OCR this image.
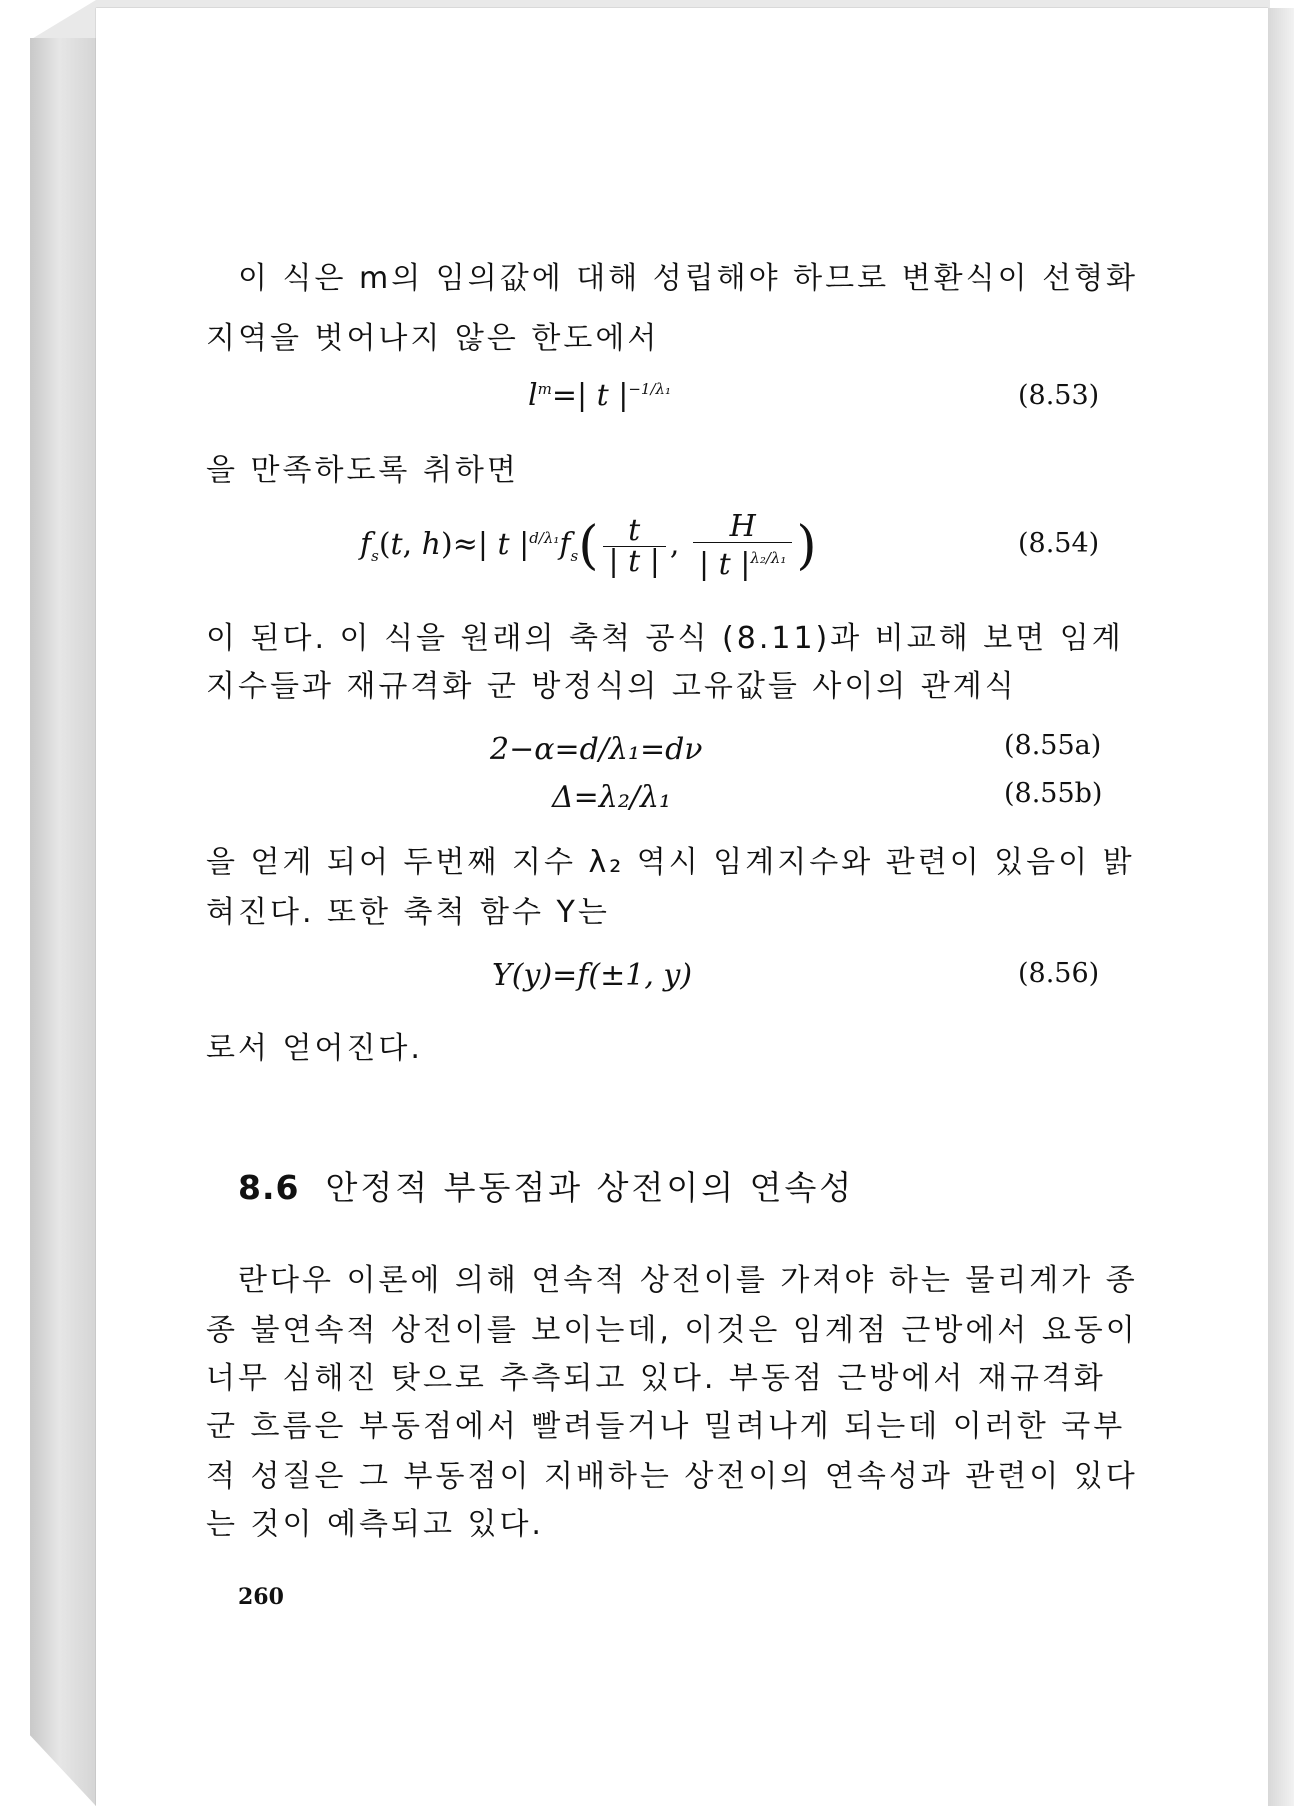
이 식은 m의 임의값에 대해 성립해야 하므로 변환식이 선형화
지역을 벗어나지 않은 한도에서
$l^m=|$ t $|^{-1/\lambda_1}$	(8.53)
을 만족하도록 취하면
$f_s(t$, h)≈| t $|^{d/\lambda_1}f_s( \frac{t}{| t |}$ , $\frac{H}{| t |^{\lambda_2/\lambda_1}}$ )	(8.54)
이 된다. 이 식을 원래의 축척 공식 (8.11)과 비교해 보면 임계
지수들과 재규격화 군 방정식의 고유값들 사이의 관계식
2−α=d/λ₁=dν	(8.55a)
Δ=λ₂/λ₁	(8.55b)
을 얻게 되어 두번째 지수 λ₂ 역시 임계지수와 관련이 있음이 밝
혀진다. 또한 축척 함수 Y는
Y(y)=f(±1, y)	(8.56)
로서 얻어진다.
8.6 안정적 부동점과 상전이의 연속성
란다우 이론에 의해 연속적 상전이를 가져야 하는 물리계가 종
종 불연속적 상전이를 보이는데, 이것은 임계점 근방에서 요동이
너무 심해진 탓으로 추측되고 있다. 부동점 근방에서 재규격화
군 흐름은 부동점에서 빨려들거나 밀려나게 되는데 이러한 국부
적 성질은 그 부동점이 지배하는 상전이의 연속성과 관련이 있다
는 것이 예측되고 있다.
260
